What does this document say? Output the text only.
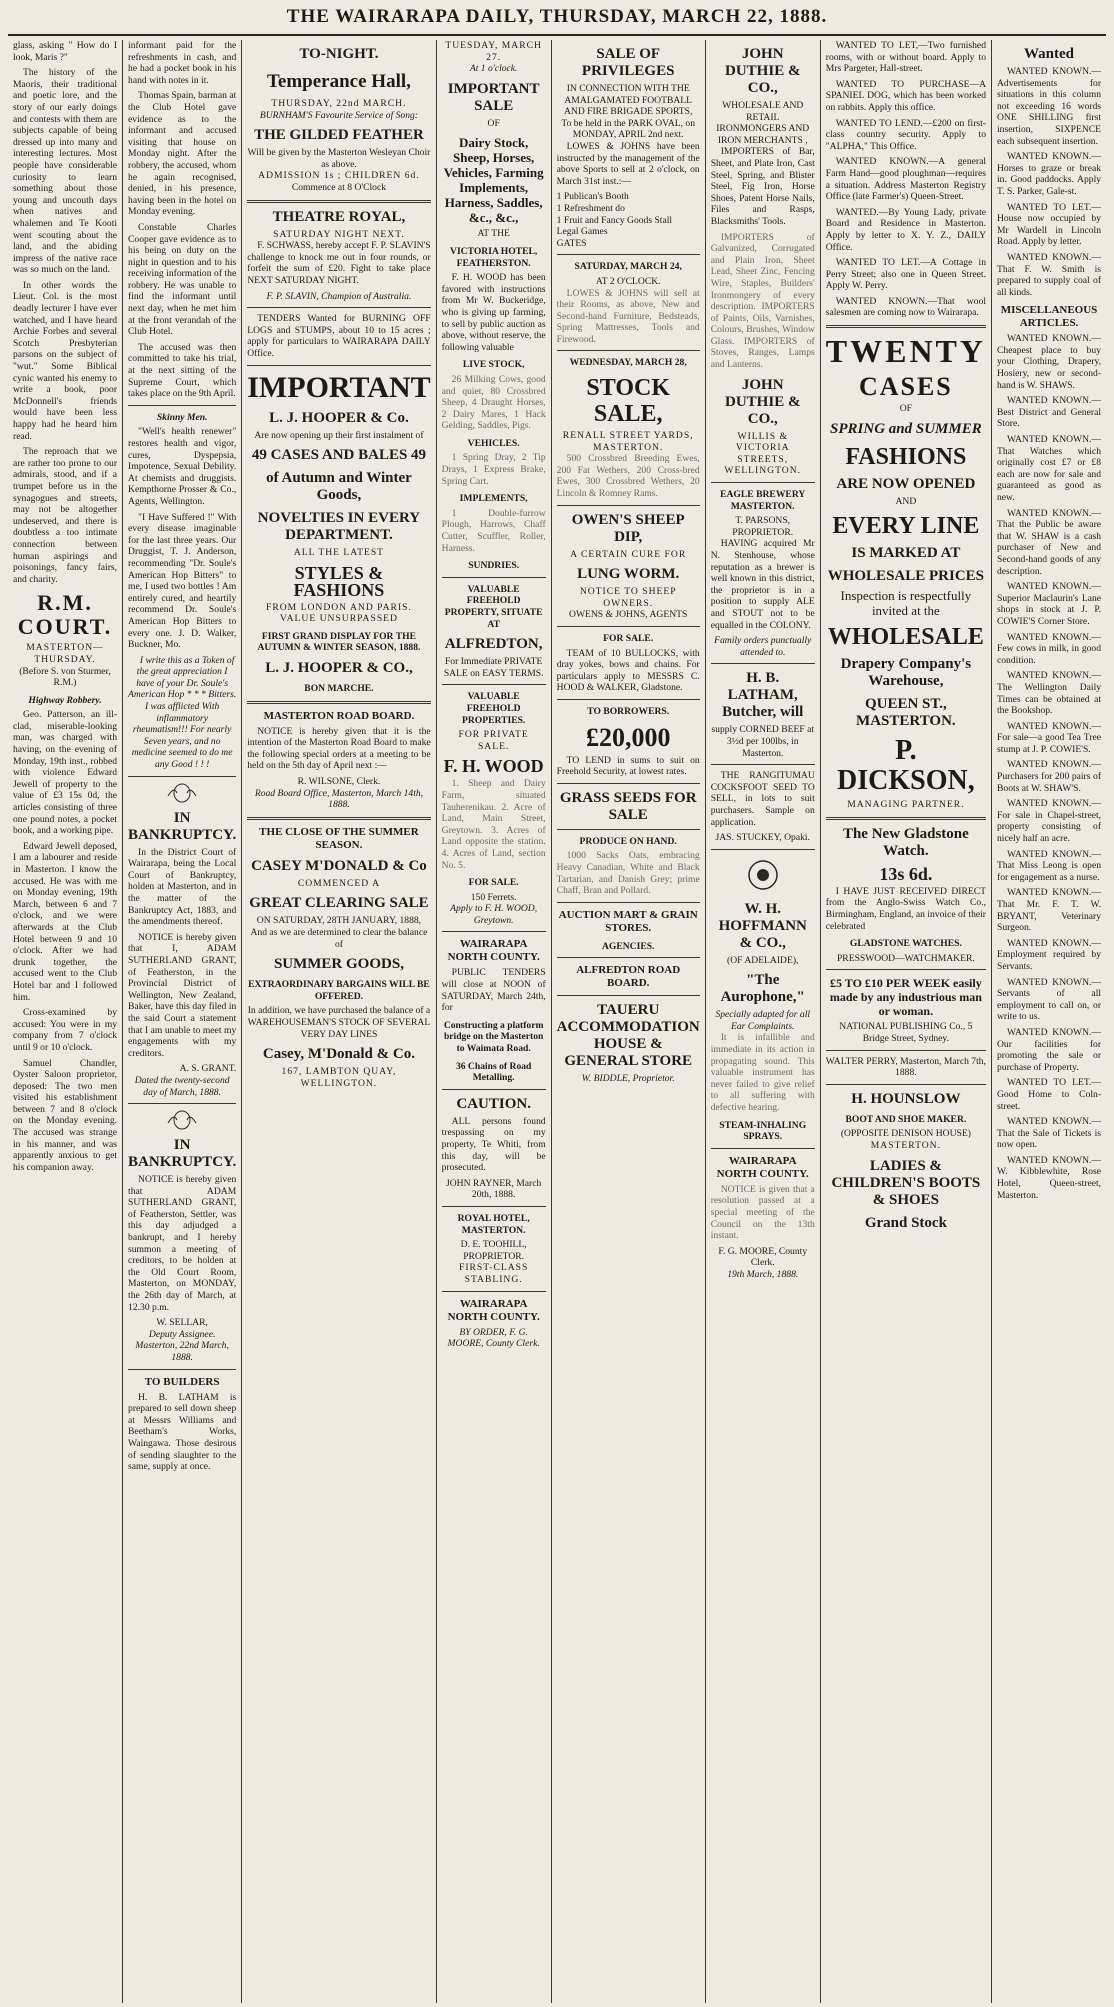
THE WAIRARAPA DAILY, THURSDAY, MARCH 22, 1888.

glass, asking " How do I look, Maris ?"

The history of the Maoris, their traditional and poetic lore, and the story of our early doings and contests with them are subjects capable of being dressed up into many and interesting lectures. Most people have considerable curiosity to learn something about those young and uncouth days when natives and whalemen and Te Kooti went scouting about the land, and the abiding impress of the native race was so much on the land.

In other words the Lieut. Col. is the most deadly lecturer I have ever watched, and I have heard Archie Forbes and several Scotch Presbyterian parsons on the subject of "wut." Some Biblical cynic wanted his enemy to write a book, poor McDonnell's friends would have been less happy had he heard him read.

The reproach that we are rather too prone to our admirals, stood, and if a trumpet before us in the synagogues and streets, may not be altogether undeserved, and there is doubtless a too intimate connection between human aspirings and poisonings, fancy fairs, and charity.

R.M. COURT.
MASTERTON—THURSDAY.
(Before S. von Sturmer, R.M.)
Highway Robbery.

Geo. Patterson, an ill-clad, miserable-looking man, was charged with having, on the evening of Monday, 19th inst., robbed with violence Edward Jewell of property to the value of £3 15s 0d, the articles consisting of three one pound notes, a pocket book, and a working pipe.

Edward Jewell deposed, I am a labourer and reside in Masterton. I know the accused. He was with me on Monday evening, 19th March, between 6 and 7 o'clock, and we were afterwards at the Club Hotel between 9 and 10 o'clock. After we had drunk together, the accused went to the Club Hotel bar and I followed him.

Cross-examined by accused: You were in my company from 7 o'clock until 9 or 10 o'clock.

Samuel Chandler, Oyster Saloon proprietor, deposed: The two men visited his establishment between 7 and 8 o'clock on the Monday evening. The accused was strange in his manner, and was apparently anxious to get his companion away.

informant paid for the refreshments in cash, and he had a pocket book in his hand with notes in it.

Thomas Spain, barman at the Club Hotel gave evidence as to the informant and accused visiting that house on Monday night. After the robbery, the accused, whom he again recognised, denied, in his presence, having been in the hotel on Monday evening.

Constable Charles Cooper gave evidence as to his being on duty on the night in question and to his receiving information of the robbery. He was unable to find the informant until next day, when he met him at the front verandah of the Club Hotel.

The accused was then committed to take his trial, at the next sitting of the Supreme Court, which takes place on the 9th April.

Skinny Men.

"Well's health renewer" restores health and vigor, cures, Dyspepsia, Impotence, Sexual Debility. At chemists and druggists. Kempthorne Prosser & Co., Agents, Wellington.

"I Have Suffered !" With every disease imaginable for the last three years. Our Druggist, T. J. Anderson, recommending "Dr. Soule's American Hop Bitters" to me, I used two bottles ! Am entirely cured, and heartily recommend Dr. Soule's American Hop Bitters to every one. J. D. Walker, Buckner, Mo.

I write this as a Token of the great appreciation I have of your Dr. Soule's American Hop * * * Bitters. I was afflicted With inflammatory rheumatism!!! For nearly Seven years, and no medicine seemed to do me any Good ! ! !

IN BANKRUPTCY.

In the District Court of Wairarapa, being the Local Court of Bankruptcy, holden at Masterton, and in the matter of the Bankruptcy Act, 1883, and the amendments thereof.

NOTICE is hereby given that I, ADAM SUTHERLAND GRANT, of Featherston, in the Provincial District of Wellington, New Zealand, Baker, have this day filed in the said Court a statement that I am unable to meet my engagements with my creditors.

A. S. GRANT.
Dated the twenty-second day of March, 1888.
IN BANKRUPTCY.

NOTICE is hereby given that ADAM SUTHERLAND GRANT, of Featherston, Settler, was this day adjudged a bankrupt, and I hereby summon a meeting of creditors, to be holden at the Old Court Room, Masterton, on MONDAY, the 26th day of March, at 12.30 p.m.

W. SELLAR,
Deputy Assignee.
Masterton, 22nd March, 1888.
TO BUILDERS

H. B. LATHAM is prepared to sell down sheep at Messrs Williams and Beetham's Works, Waingawa. Those desirous of sending slaughter to the same, supply at once.

TO-NIGHT.
Temperance Hall,
THURSDAY, 22nd MARCH.
BURNHAM'S Favourite Service of Song:
THE GILDED FEATHER
Will be given by the Masterton Wesleyan Choir as above.
ADMISSION 1s ; CHILDREN 6d.
Commence at 8 O'Clock
THEATRE ROYAL,
SATURDAY NIGHT NEXT.

F. SCHWASS, hereby accept F. P. SLAVIN'S challenge to knock me out in four rounds, or forfeit the sum of £20. Fight to take place NEXT SATURDAY NIGHT.

F. P. SLAVIN, Champion of Australia.

TENDERS Wanted for BURNING OFF LOGS and STUMPS, about 10 to 15 acres ; apply for particulars to WAIRARAPA DAILY Office.

IMPORTANT
L. J. HOOPER & Co.
Are now opening up their first instalment of
49 CASES AND BALES 49
of Autumn and Winter Goods,
NOVELTIES IN EVERY DEPARTMENT.
ALL THE LATEST
STYLES & FASHIONS
FROM LONDON AND PARIS.
VALUE UNSURPASSED
FIRST GRAND DISPLAY FOR THE AUTUMN & WINTER SEASON, 1888.
L. J. HOOPER & CO.,
BON MARCHE.
MASTERTON ROAD BOARD.

NOTICE is hereby given that it is the intention of the Masterton Road Board to make the following special orders at a meeting to be held on the 5th day of April next :—

R. WILSONE, Clerk.
Road Board Office, Masterton, March 14th, 1888.
THE CLOSE OF THE SUMMER SEASON.
CASEY M'DONALD & Co
COMMENCED A
GREAT CLEARING SALE
ON SATURDAY, 28TH JANUARY, 1888,
And as we are determined to clear the balance of
SUMMER GOODS,
EXTRAORDINARY BARGAINS WILL BE OFFERED.
In addition, we have purchased the balance of a WAREHOUSEMAN'S STOCK OF SEVERAL VERY DAY LINES
Casey, M'Donald & Co.
167, LAMBTON QUAY, WELLINGTON.
TUESDAY, MARCH 27.
At 1 o'clock.
IMPORTANT SALE
OF
Dairy Stock, Sheep, Horses, Vehicles, Farming Implements, Harness, Saddles, &c., &c.,
AT THE
VICTORIA HOTEL, FEATHERSTON.

F. H. WOOD has been favored with instructions from Mr W. Buckeridge, who is giving up farming, to sell by public auction as above, without reserve, the following valuable

LIVE STOCK,

26 Milking Cows, good and quiet, 80 Crossbred Sheep, 4 Draught Horses, 2 Dairy Mares, 1 Hack Gelding, Saddles, Pigs.

VEHICLES.

1 Spring Dray, 2 Tip Drays, 1 Express Brake, Spring Cart.

IMPLEMENTS,

1 Double-furrow Plough, Harrows, Chaff Cutter, Scuffler, Roller, Harness.

SUNDRIES.
VALUABLE FREEHOLD PROPERTY, SITUATE AT
ALFREDTON,
For Immediate PRIVATE SALE on EASY TERMS.
VALUABLE FREEHOLD PROPERTIES.
FOR PRIVATE SALE.
F. H. WOOD

1. Sheep and Dairy Farm, situated Tauherenikau. 2. Acre of Land, Main Street, Greytown. 3. Acres of Land opposite the station. 4. Acres of Land, section No. 5.

FOR SALE.
150 Ferrets.
Apply to F. H. WOOD, Greytown.
WAIRARAPA NORTH COUNTY.

PUBLIC TENDERS will close at NOON of SATURDAY, March 24th, for

Constructing a platform bridge on the Masterton to Waimata Road.
36 Chains of Road Metalling.
CAUTION.

ALL persons found trespassing on my property, Te Whiti, from this day, will be prosecuted.

JOHN RAYNER, March 20th, 1888.
ROYAL HOTEL, MASTERTON.
D. E. TOOHILL, PROPRIETOR.
FIRST-CLASS STABLING.
WAIRARAPA NORTH COUNTY.
BY ORDER, F. G. MOORE, County Clerk.
SALE OF PRIVILEGES
IN CONNECTION WITH THE AMALGAMATED FOOTBALL AND FIRE BRIGADE SPORTS,
To be held in the PARK OVAL, on MONDAY, APRIL 2nd next.

LOWES & JOHNS have been instructed by the management of the above Sports to sell at 2 o'clock, on March 31st inst.:—

1 Publican's Booth
1 Refreshment do
1 Fruit and Fancy Goods Stall
Legal Games
GATES

SATURDAY, MARCH 24,
AT 2 O'CLOCK.

LOWES & JOHNS will sell at their Rooms, as above, New and Second-hand Furniture, Bedsteads, Spring Mattresses, Tools and Firewood.

WEDNESDAY, MARCH 28,
STOCK SALE,
RENALL STREET YARDS, MASTERTON.

500 Crossbred Breeding Ewes, 200 Fat Wethers, 200 Cross-bred Ewes, 300 Crossbred Wethers, 20 Lincoln & Romney Rams.

OWEN'S SHEEP DIP,
A CERTAIN CURE FOR
LUNG WORM.
NOTICE TO SHEEP OWNERS.
OWENS & JOHNS, AGENTS
FOR SALE.

TEAM of 10 BULLOCKS, with dray yokes, bows and chains. For particulars apply to MESSRS C. HOOD & WALKER, Gladstone.

TO BORROWERS.
£20,000

TO LEND in sums to suit on Freehold Security, at lowest rates.

GRASS SEEDS FOR SALE
PRODUCE ON HAND.

1000 Sacks Oats, embracing Heavy Canadian, White and Black Tartarian, and Danish Grey; prime Chaff, Bran and Pollard.

AUCTION MART & GRAIN STORES.
AGENCIES.
ALFREDTON ROAD BOARD.
TAUERU ACCOMMODATION HOUSE & GENERAL STORE
W. BIDDLE, Proprietor.
JOHN DUTHIE & CO.,
WHOLESALE AND RETAIL IRONMONGERS AND IRON MERCHANTS ,

IMPORTERS of Bar, Sheet, and Plate Iron, Cast Steel, Spring, and Blister Steel, Fig Iron, Horse Shoes, Patent Horse Nails, Files and Rasps, Blacksmiths' Tools.

IMPORTERS of Galvanized, Corrugated and Plain Iron, Sheet Lead, Sheet Zinc, Fencing Wire, Staples, Builders' Ironmongery of every description. IMPORTERS of Paints, Oils, Varnishes, Colours, Brushes, Window Glass. IMPORTERS of Stoves, Ranges, Lamps and Lanterns.

JOHN DUTHIE & CO.,
WILLIS & VICTORIA STREETS, WELLINGTON.
EAGLE BREWERY MASTERTON.
T. PARSONS, PROPRIETOR.

HAVING acquired Mr N. Stenhouse, whose reputation as a brewer is well known in this district, the proprietor is in a position to supply ALE and STOUT not to be equalled in the COLONY.

Family orders punctually attended to.
H. B. LATHAM, Butcher, will
supply CORNED BEEF at 3½d per 100lbs, in Masterton.

THE RANGITUMAU COCKSFOOT SEED TO SELL, in lots to suit purchasers. Sample on application.

JAS. STUCKEY, Opaki.
W. H. HOFFMANN & CO.,
(OF ADELAIDE),
"The Aurophone,"
Specially adapted for all Ear Complaints.

It is infallible and immediate in its action in propagating sound. This valuable instrument has never failed to give relief to all suffering with defective hearing.

STEAM-INHALING SPRAYS.
WAIRARAPA NORTH COUNTY.

NOTICE is given that a resolution passed at a special meeting of the Council on the 13th instant.

F. G. MOORE, County Clerk.
19th March, 1888.

WANTED TO LET,—Two furnished rooms, with or without board. Apply to Mrs Pargeter, Hall-street.

WANTED TO PURCHASE—A SPANIEL DOG, which has been worked on rabbits. Apply this office.

WANTED TO LEND.—£200 on first-class country security. Apply to "ALPHA," This Office.

WANTED KNOWN.—A general Farm Hand—good ploughman—requires a situation. Address Masterton Registry Office (late Farmer's) Queen-Street.

WANTED.—By Young Lady, private Board and Residence in Masterton. Apply by letter to X. Y. Z., DAILY Office.

WANTED TO LET.—A Cottage in Perry Street; also one in Queen Street. Apply W. Perry.

WANTED KNOWN.—That wool salesmen are coming now to Wairarapa.

TWENTY
CASES
OF
SPRING and SUMMER
FASHIONS
ARE NOW OPENED
AND
EVERY LINE
IS MARKED AT
WHOLESALE PRICES
Inspection is respectfully invited at the
WHOLESALE
Drapery Company's Warehouse,
QUEEN ST., MASTERTON.
P. DICKSON,
MANAGING PARTNER.
The New Gladstone Watch.
13s 6d.

I HAVE JUST RECEIVED DIRECT from the Anglo-Swiss Watch Co., Birmingham, England, an invoice of their celebrated

GLADSTONE WATCHES.
PRESSWOOD—WATCHMAKER.
£5 TO £10 PER WEEK easily made by any industrious man or woman.
NATIONAL PUBLISHING Co., 5 Bridge Street, Sydney.
WALTER PERRY, Masterton, March 7th, 1888.
H. HOUNSLOW
BOOT AND SHOE MAKER.
(OPPOSITE DENISON HOUSE)
MASTERTON.
LADIES & CHILDREN'S BOOTS & SHOES
Grand Stock
Wanted

WANTED KNOWN.—Advertisements for situations in this column not exceeding 16 words ONE SHILLING first insertion, SIXPENCE each subsequent insertion.

WANTED KNOWN.—Horses to graze or break in. Good paddocks. Apply T. S. Parker, Gale-st.

WANTED TO LET.—House now occupied by Mr Wardell in Lincoln Road. Apply by letter.

WANTED KNOWN.—That F. W. Smith is prepared to supply coal of all kinds.

MISCELLANEOUS ARTICLES.

WANTED KNOWN.—Cheapest place to buy your Clothing, Drapery, Hosiery, new or second-hand is W. SHAWS.

WANTED KNOWN.—Best District and General Store.

WANTED KNOWN.—That Watches which originally cost £7 or £8 each are now for sale and guaranteed as good as new.

WANTED KNOWN.—That the Public be aware that W. SHAW is a cash purchaser of New and Second-hand goods of any description.

WANTED KNOWN.—Superior Maclaurin's Lane shops in stock at J. P. COWIE'S Corner Store.

WANTED KNOWN.—Few cows in milk, in good condition.

WANTED KNOWN.—The Wellington Daily Times can be obtained at the Bookshop.

WANTED KNOWN.—For sale—a good Tea Tree stump at J. P. COWIE'S.

WANTED KNOWN.—Purchasers for 200 pairs of Boots at W. SHAW'S.

WANTED KNOWN.—For sale in Chapel-street, property consisting of nicely half an acre.

WANTED KNOWN.—That Miss Leong is open for engagement as a nurse.

WANTED KNOWN.—That Mr. F. T. W. BRYANT, Veterinary Surgeon.

WANTED KNOWN.—Employment required by Servants.

WANTED KNOWN.—Servants of all employment to call on, or write to us.

WANTED KNOWN.—Our facilities for promoting the sale or purchase of Property.

WANTED TO LET.—Good Home to Coln-street.

WANTED KNOWN.—That the Sale of Tickets is now open.

WANTED KNOWN.—W. Kibblewhite, Rose Hotel, Queen-street, Masterton.
